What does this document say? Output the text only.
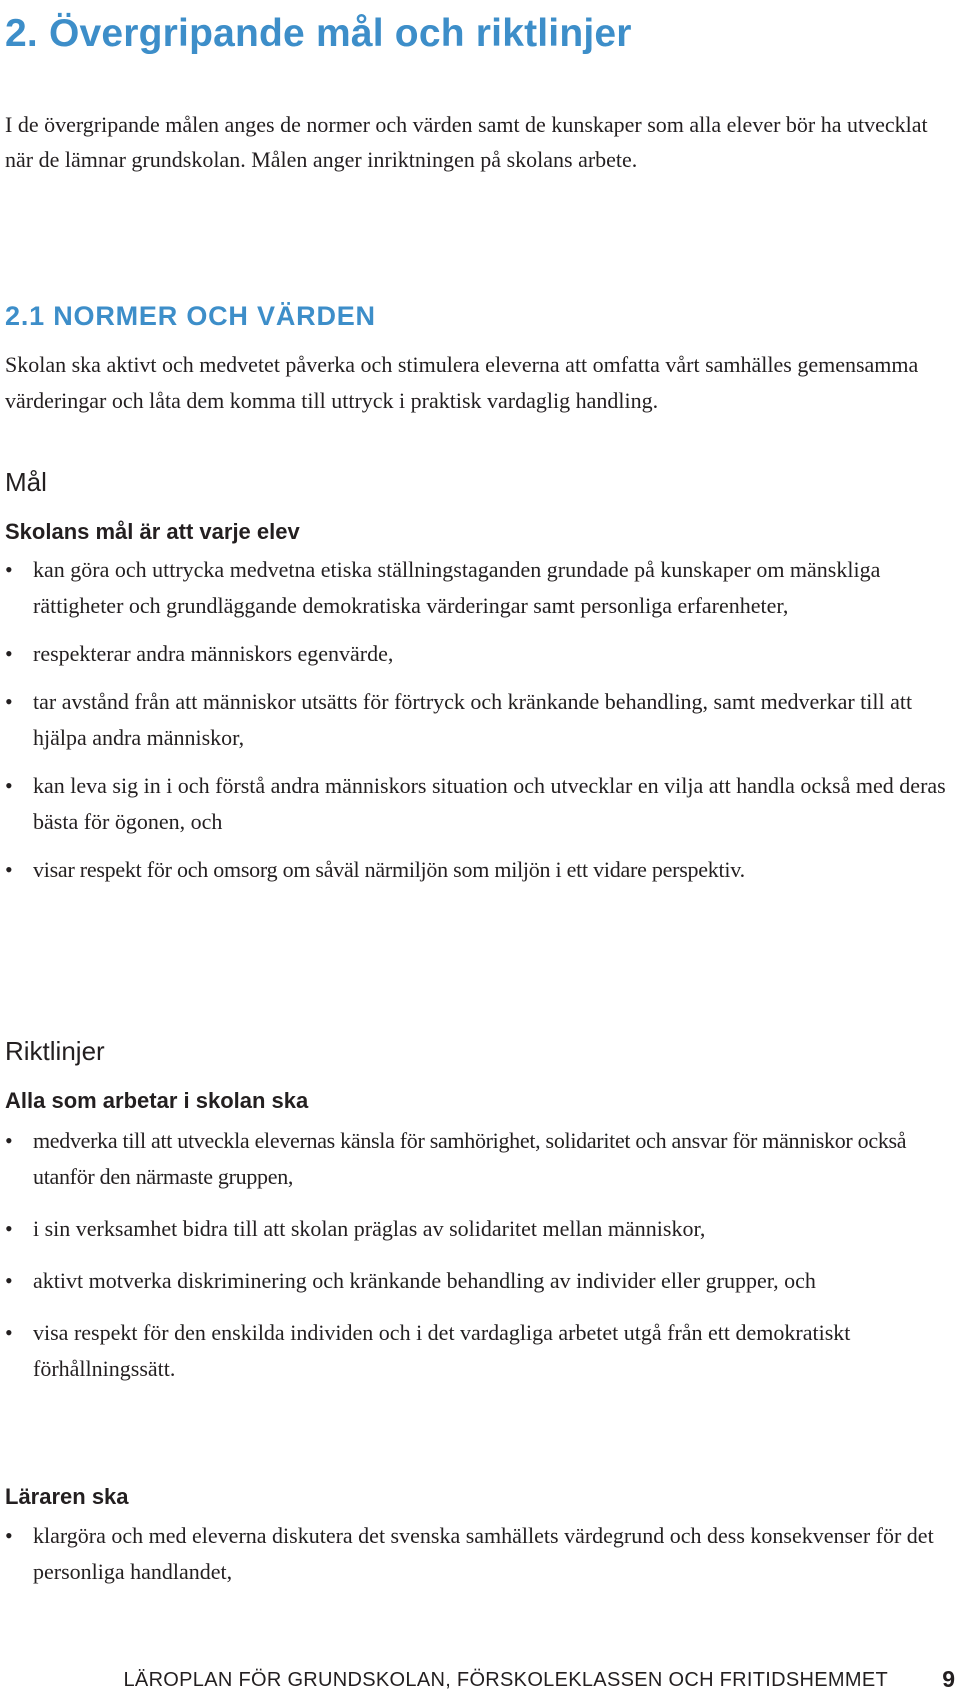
2. Övergripande mål och riktlinjer

I de övergripande målen anges de normer och värden samt de kunskaper som alla elever bör ha utvecklat när de lämnar grundskolan. Målen anger inriktningen på skolans arbete.

2.1 NORMER OCH VÄRDEN

Skolan ska aktivt och medvetet påverka och stimulera eleverna att omfatta vårt samhälles gemensamma värderingar och låta dem komma till uttryck i praktisk vardaglig handling.

Mål
Skolans mål är att varje elev
• kan göra och uttrycka medvetna etiska ställningstaganden grundade på kunskaper om mänskliga rättigheter och grundläggande demokratiska värderingar samt personliga erfarenheter,
• respekterar andra människors egenvärde,
• tar avstånd från att människor utsätts för förtryck och kränkande behandling, samt medverkar till att hjälpa andra människor,
• kan leva sig in i och förstå andra människors situation och utvecklar en vilja att handla också med deras bästa för ögonen, och
• visar respekt för och omsorg om såväl närmiljön som miljön i ett vidare perspektiv.
Riktlinjer
Alla som arbetar i skolan ska
• medverka till att utveckla elevernas känsla för samhörighet, solidaritet och ansvar för människor också utanför den närmaste gruppen,
• i sin verksamhet bidra till att skolan präglas av solidaritet mellan människor,
• aktivt motverka diskriminering och kränkande behandling av individer eller grupper, och
• visa respekt för den enskilda individen och i det vardagliga arbetet utgå från ett demokratiskt förhållningssätt.
Läraren ska
• klargöra och med eleverna diskutera det svenska samhällets värdegrund och dess konsekvenser för det personliga handlandet,
LÄROPLAN FÖR GRUNDSKOLAN, FÖRSKOLEKLASSEN OCH FRITIDSHEMMET 9
